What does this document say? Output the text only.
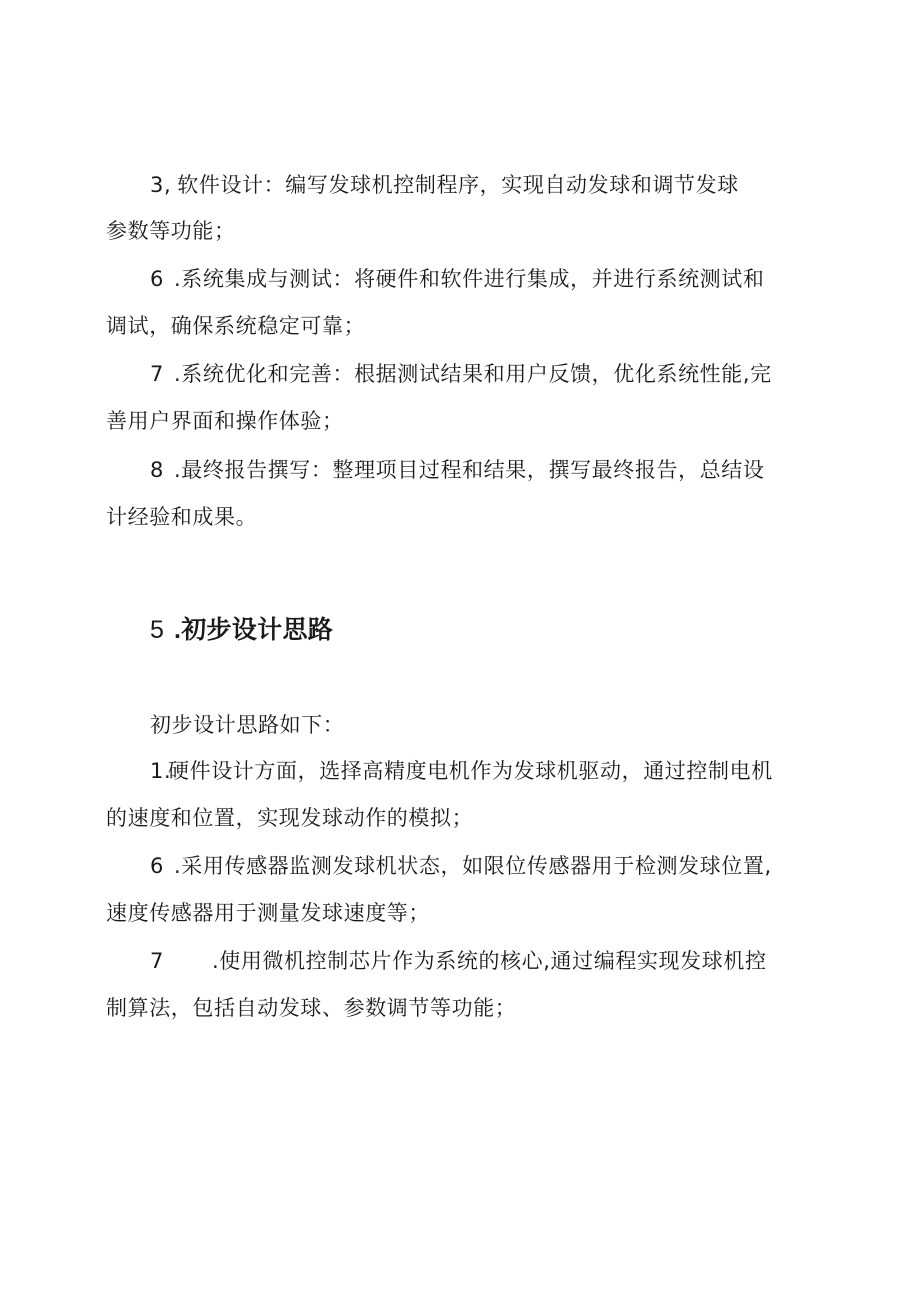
3, 软件设计：编写发球机控制程序，实现自动发球和调节发球
参数等功能；
6 .系统集成与测试：将硬件和软件进行集成，并进行系统测试和
调试，确保系统稳定可靠；
7 .系统优化和完善：根据测试结果和用户反馈，优化系统性能,完
善用户界面和操作体验；
8 .最终报告撰写：整理项目过程和结果，撰写最终报告，总结设
计经验和成果。
5 .初步设计思路
初步设计思路如下：
1.硬件设计方面，选择高精度电机作为发球机驱动，通过控制电机
的速度和位置，实现发球动作的模拟；
6 .采用传感器监测发球机状态，如限位传感器用于检测发球位置,
速度传感器用于测量发球速度等；
7 .使用微机控制芯片作为系统的核心,通过编程实现发球机控
制算法，包括自动发球、参数调节等功能；
